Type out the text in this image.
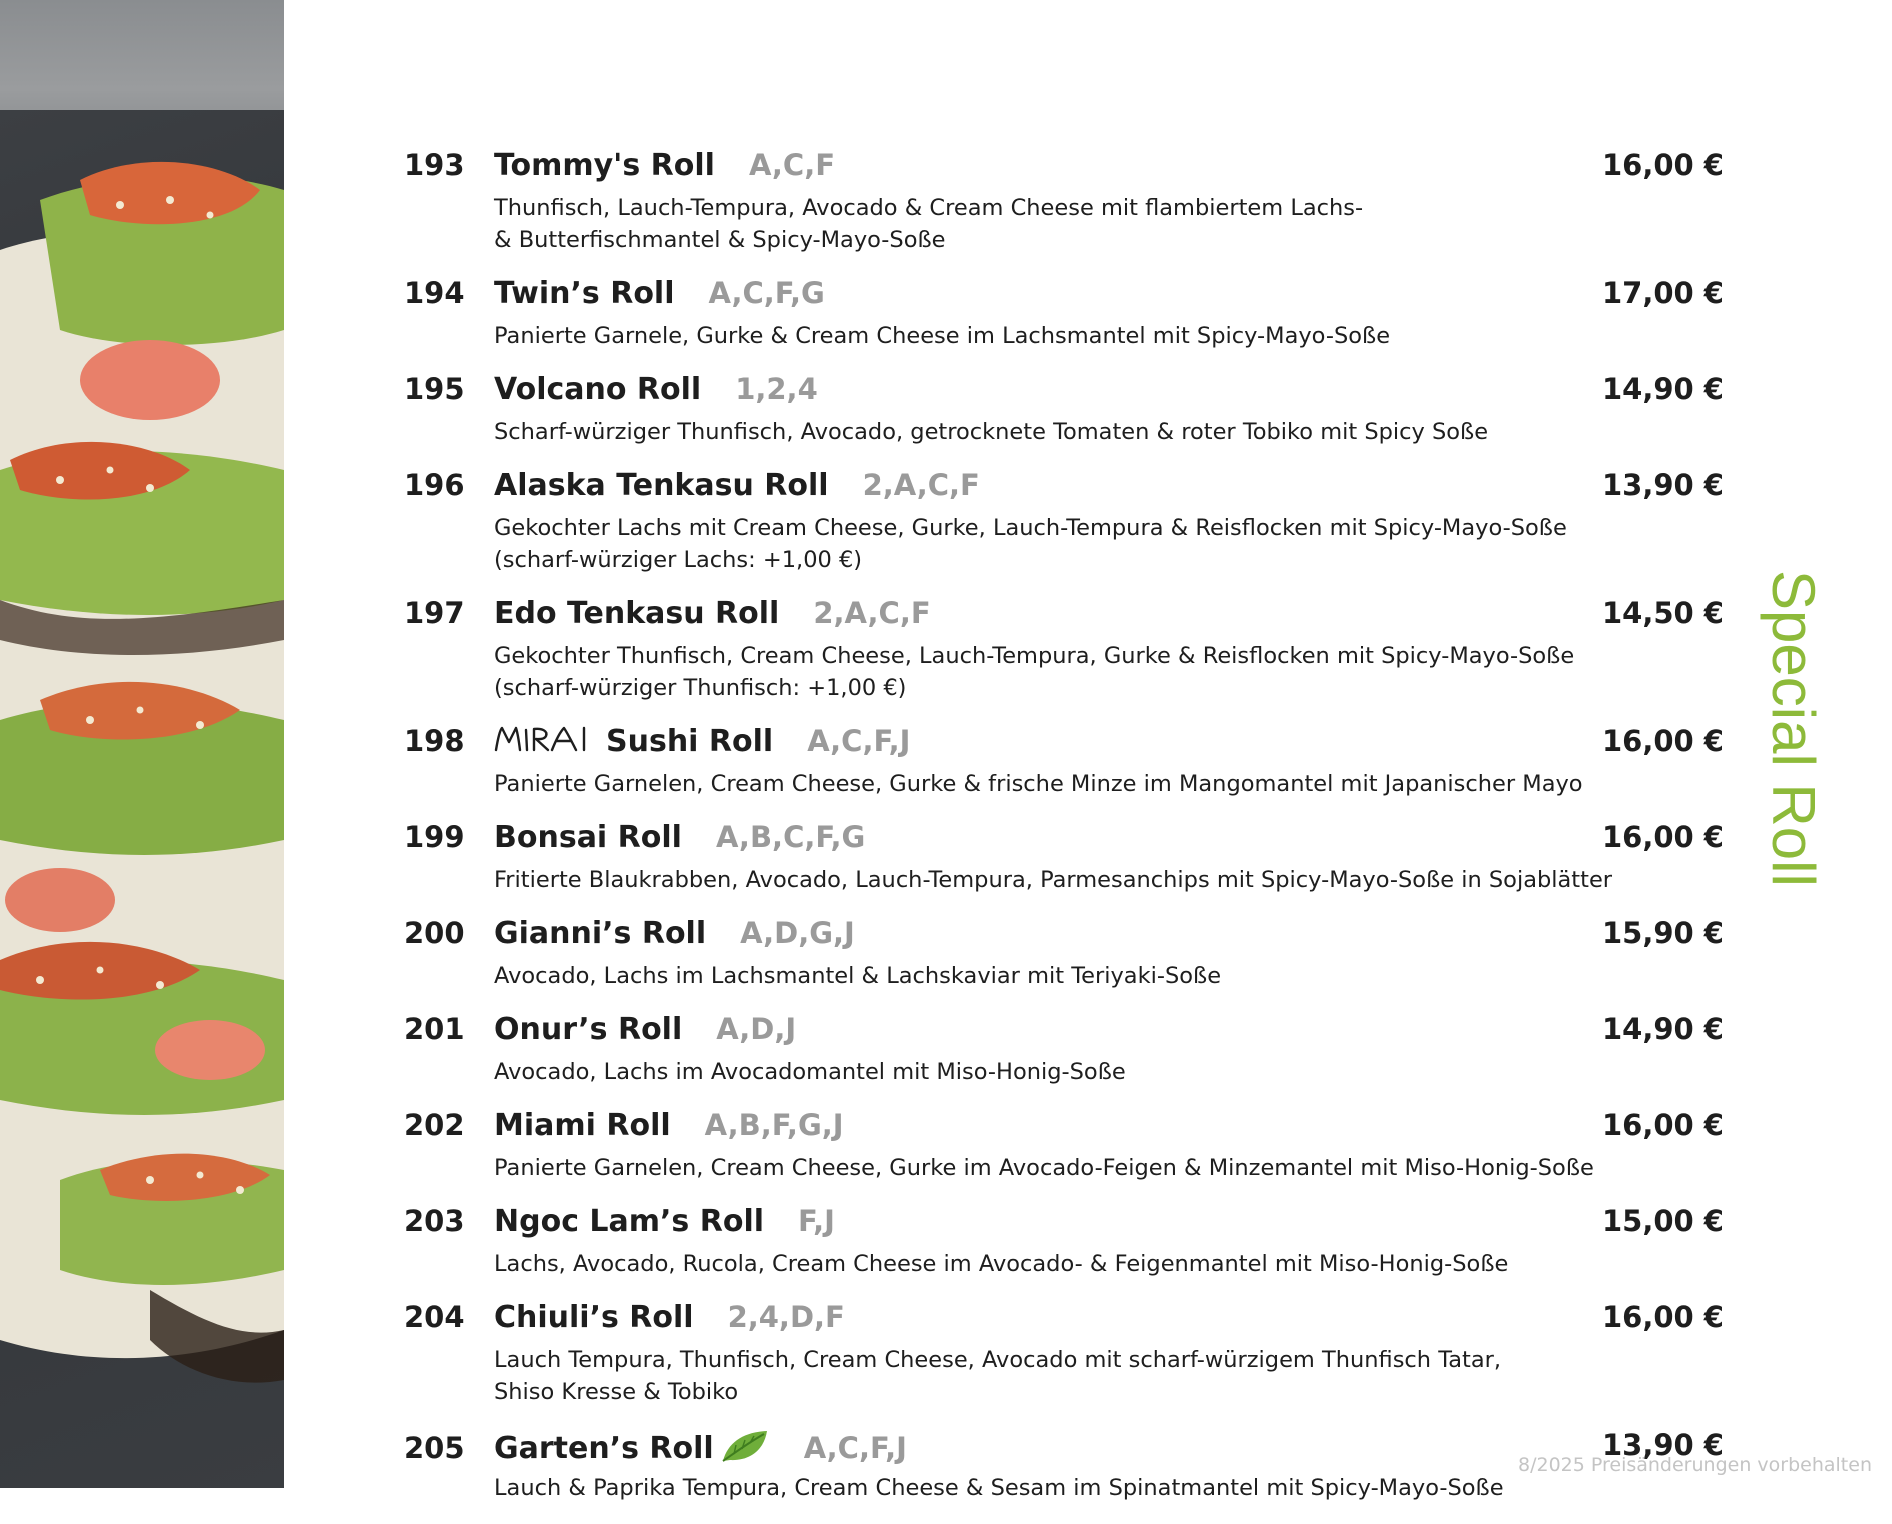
193 Tommy's Roll A,C,F	16,00 €
Thunfisch, Lauch-Tempura, Avocado & Cream Cheese mit flambiertem Lachs-
& Butterfischmantel & Spicy-Mayo-Soße
194 Twin’s Roll A,C,F,G	17,00 €
Panierte Garnele, Gurke & Cream Cheese im Lachsmantel mit Spicy-Mayo-Soße
195 Volcano Roll 1,2,4	14,90 €
Scharf-würziger Thunfisch, Avocado, getrocknete Tomaten & roter Tobiko mit Spicy Soße
196 Alaska Tenkasu Roll 2,A,C,F	13,90 €
Gekochter Lachs mit Cream Cheese, Gurke, Lauch-Tempura & Reisflocken mit Spicy-Mayo-Soße
(scharf-würziger Lachs: +1,00 €)
197 Edo Tenkasu Roll 2,A,C,F	14,50 €
Gekochter Thunfisch, Cream Cheese, Lauch-Tempura, Gurke & Reisflocken mit Spicy-Mayo-Soße
(scharf-würziger Thunfisch: +1,00 €)
198	Sushi Roll A,C,F,J	16,00 €
Panierte Garnelen, Cream Cheese, Gurke & frische Minze im Mangomantel mit Japanischer Mayo
199 Bonsai Roll A,B,C,F,G	16,00 €
Fritierte Blaukrabben, Avocado, Lauch-Tempura, Parmesanchips mit Spicy-Mayo-Soße in Sojablätter
200 Gianni’s Roll A,D,G,J	15,90 €
Avocado, Lachs im Lachsmantel & Lachskaviar mit Teriyaki-Soße
201 Onur’s Roll A,D,J	14,90 €
Avocado, Lachs im Avocadomantel mit Miso-Honig-Soße
202 Miami Roll A,B,F,G,J	16,00 €
Panierte Garnelen, Cream Cheese, Gurke im Avocado-Feigen & Minzemantel mit Miso-Honig-Soße
203 Ngoc Lam’s Roll F,J	15,00 €
Lachs, Avocado, Rucola, Cream Cheese im Avocado- & Feigenmantel mit Miso-Honig-Soße
204 Chiuli’s Roll 2,4,D,F	16,00 €
Lauch Tempura, Thunfisch, Cream Cheese, Avocado mit scharf-würzigem Thunfisch Tatar,
Shiso Kresse & Tobiko
205 Garten’s Roll	A,C,F,J	13,90 €
Lauch & Paprika Tempura, Cream Cheese & Sesam im Spinatmantel mit Spicy-Mayo-Soße
Special Roll
8/2025 Preisänderungen vorbehalten
